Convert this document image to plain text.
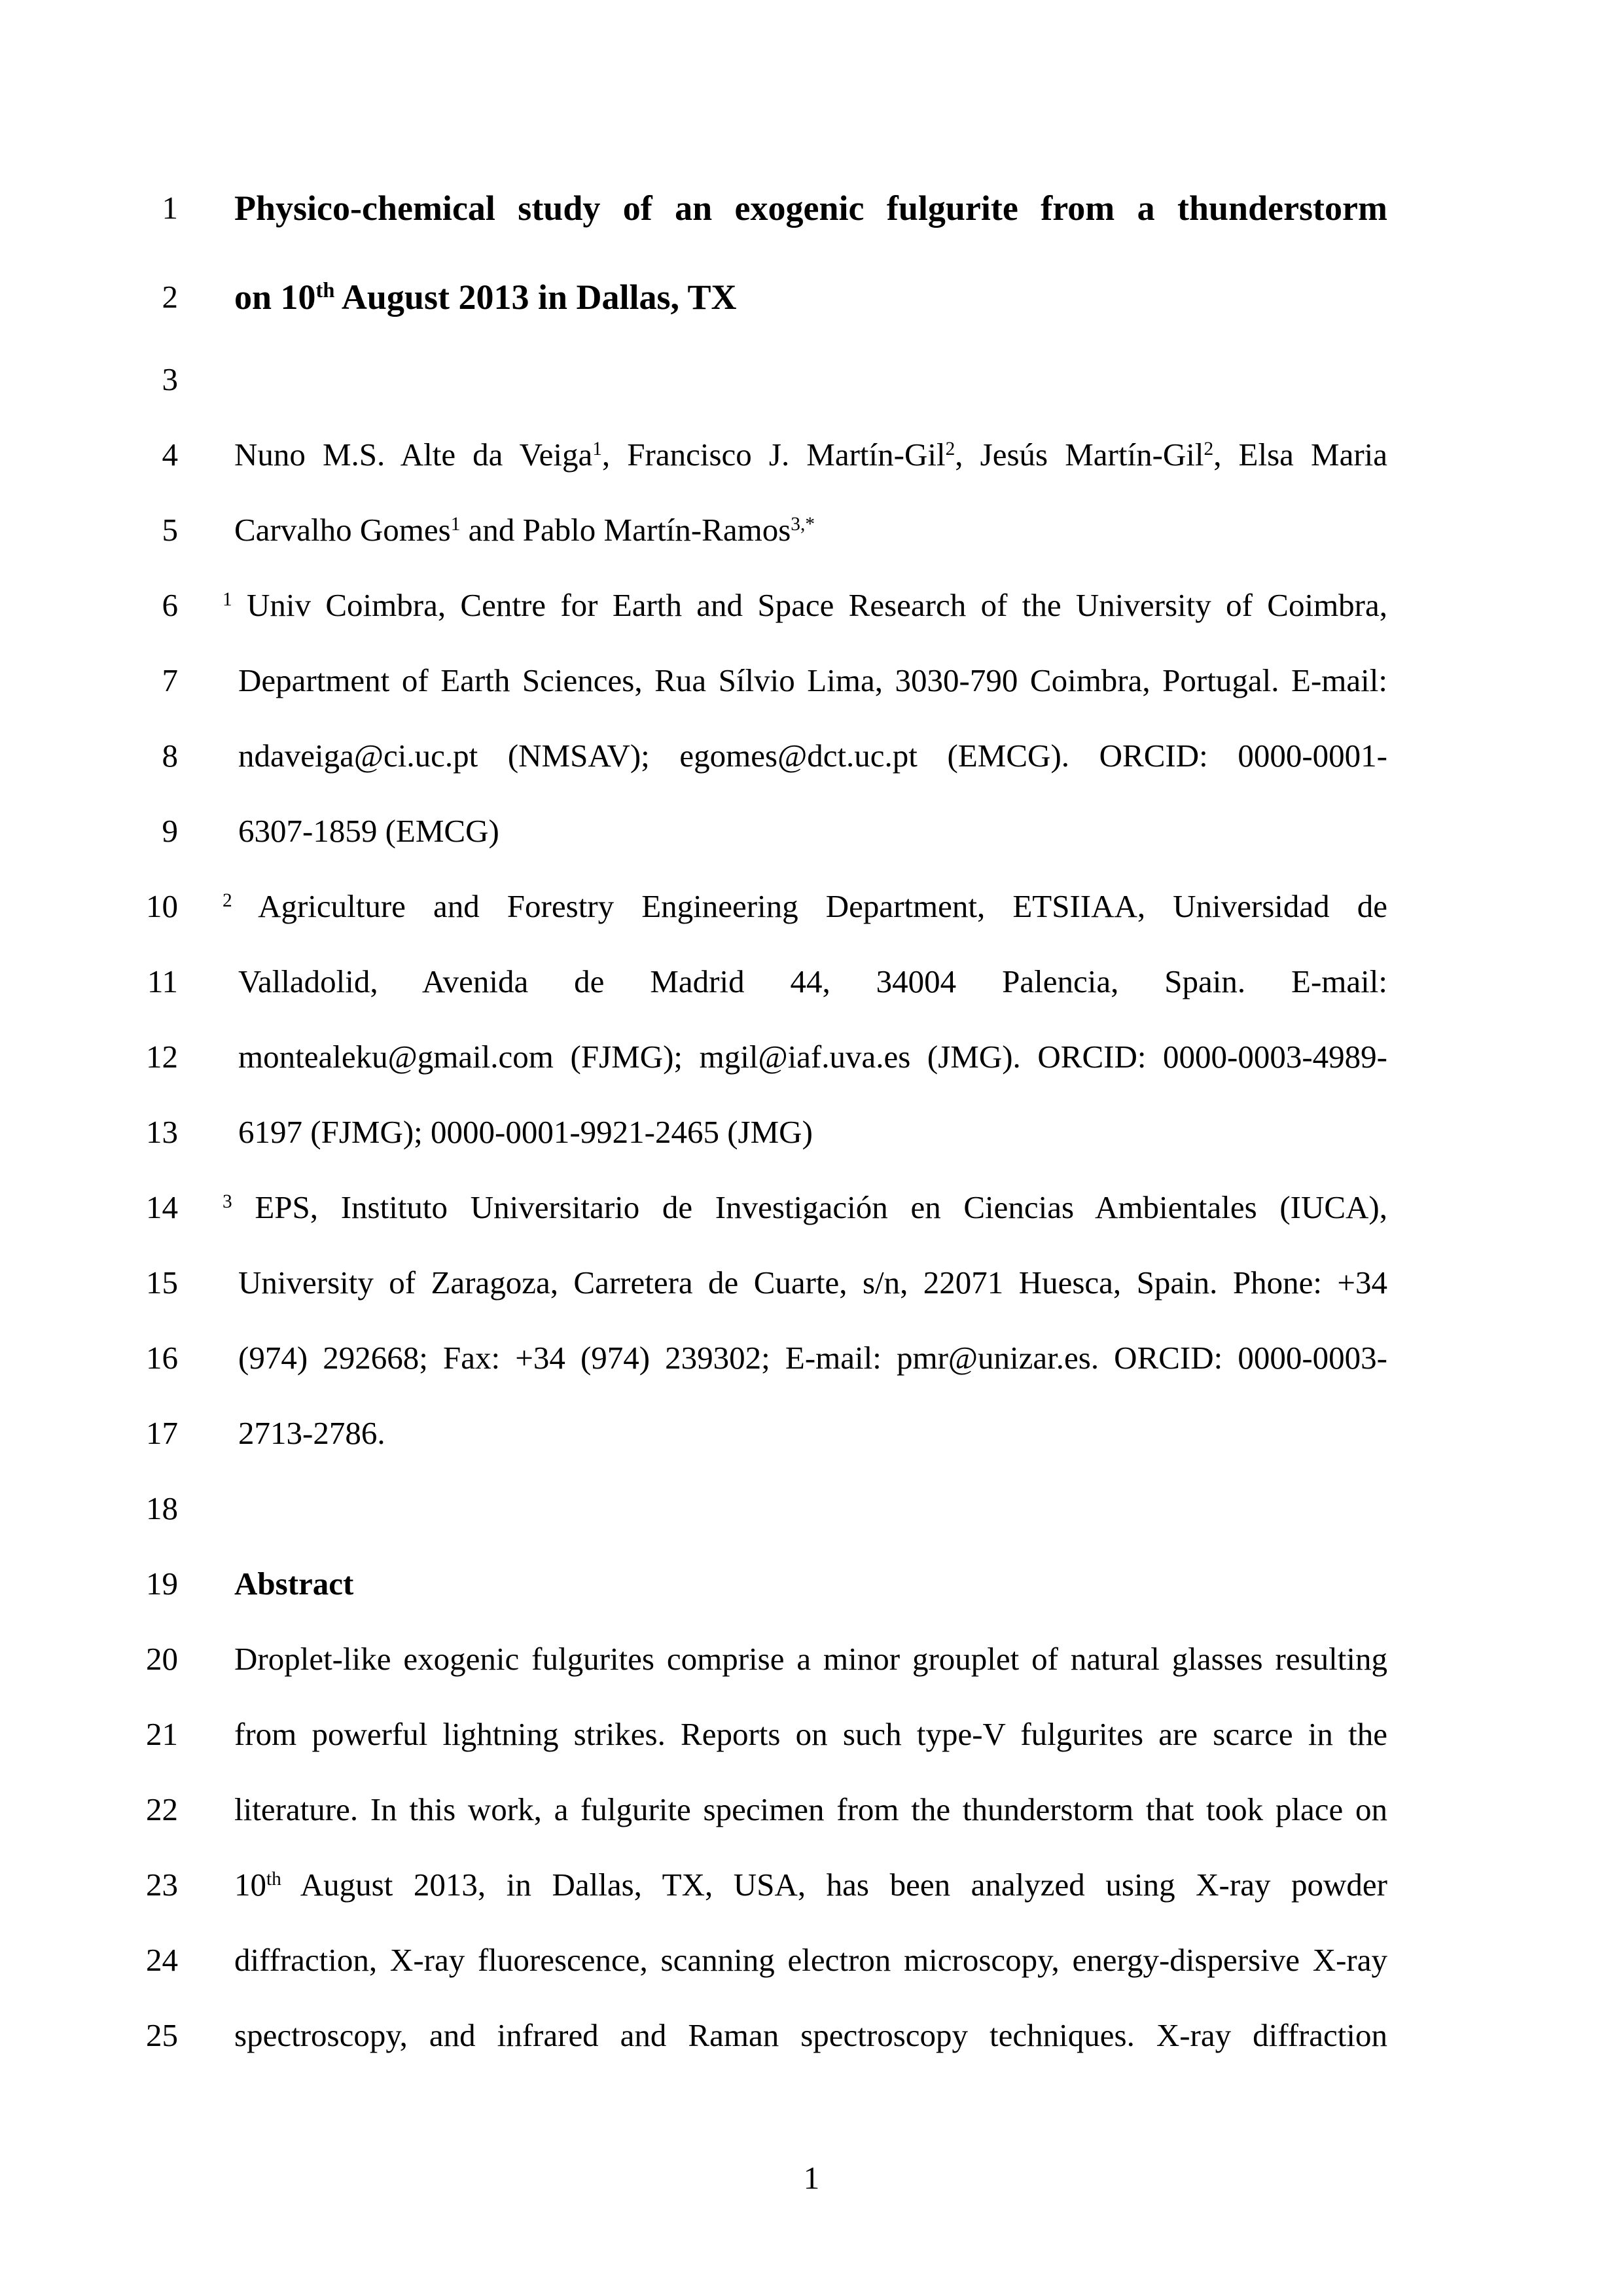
1 Physico-chemical study of an exogenic fulgurite from a thunderstorm
2 on 10th August 2013 in Dallas, TX
3
4 Nuno M.S. Alte da Veiga$^1$, Francisco J. Martín-Gil$^2$, Jesús Martín-Gil$^2$, Elsa Maria
5 Carvalho Gomes$^1$ and Pablo Martín-Ramos$^{3,*}$
6 $^1$ Univ Coimbra, Centre for Earth and Space Research of the University of Coimbra,
7 Department of Earth Sciences, Rua Sílvio Lima, 3030-790 Coimbra, Portugal. E-mail:
8 ndaveiga@ci.uc.pt (NMSAV); egomes@dct.uc.pt (EMCG). ORCID: 0000-0001-
9 6307-1859 (EMCG)
10 $^2$ Agriculture and Forestry Engineering Department, ETSIIAA, Universidad de
11 Valladolid, Avenida de Madrid 44, 34004 Palencia, Spain. E-mail:
12 montealeku@gmail.com (FJMG); mgil@iaf.uva.es (JMG). ORCID: 0000-0003-4989-
13 6197 (FJMG); 0000-0001-9921-2465 (JMG)
14 $^3$ EPS, Instituto Universitario de Investigación en Ciencias Ambientales (IUCA),
15 University of Zaragoza, Carretera de Cuarte, s/n, 22071 Huesca, Spain. Phone: +34
16 (974) 292668; Fax: +34 (974) 239302; E-mail: pmr@unizar.es. ORCID: 0000-0003-
17 2713-2786.
18
19 Abstract
20 Droplet-like exogenic fulgurites comprise a minor grouplet of natural glasses resulting
21 from powerful lightning strikes. Reports on such type-V fulgurites are scarce in the
22 literature. In this work, a fulgurite specimen from the thunderstorm that took place on
23 10th August 2013, in Dallas, TX, USA, has been analyzed using X-ray powder
24 diffraction, X-ray fluorescence, scanning electron microscopy, energy-dispersive X-ray
25 spectroscopy, and infrared and Raman spectroscopy techniques. X-ray diffraction
1
